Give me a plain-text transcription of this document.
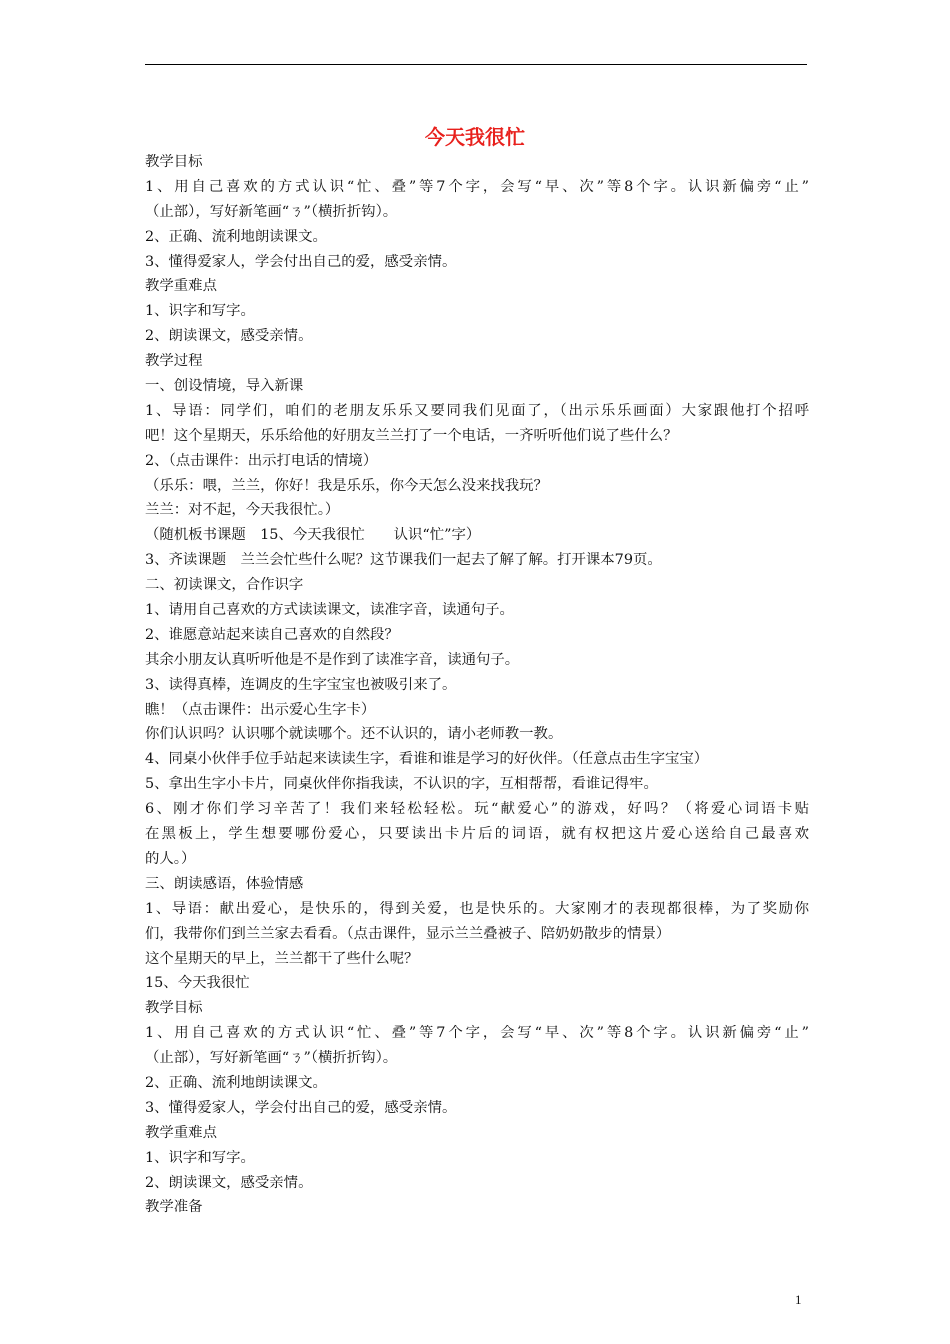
今天我很忙
教学目标
1、用自己喜欢的方式认识“忙、叠”等7个字，会写“早、次”等8个字。认识新偏旁“止”
（止部），写好新笔画“ㄋ”（横折折钩）。
2、正确、流利地朗读课文。
3、懂得爱家人，学会付出自己的爱，感受亲情。
教学重难点
1、识字和写字。
2、朗读课文，感受亲情。
教学过程
一、创设情境，导入新课
1、导语：同学们，咱们的老朋友乐乐又要同我们见面了，（出示乐乐画面）大家跟他打个招呼
吧！这个星期天，乐乐给他的好朋友兰兰打了一个电话，一齐听听他们说了些什么？
2、（点击课件：出示打电话的情境）
（乐乐：喂，兰兰，你好！我是乐乐，你今天怎么没来找我玩？
兰兰：对不起，今天我很忙。）
（随机板书课题　15、今天我很忙　　认识“忙”字）
3、齐读课题　兰兰会忙些什么呢？这节课我们一起去了解了解。打开课本79页。
二、初读课文，合作识字
1、请用自己喜欢的方式读读课文，读准字音，读通句子。
2、谁愿意站起来读自己喜欢的自然段？
其余小朋友认真听听他是不是作到了读准字音，读通句子。
3、读得真棒，连调皮的生字宝宝也被吸引来了。
瞧！（点击课件：出示爱心生字卡）
你们认识吗？认识哪个就读哪个。还不认识的，请小老师教一教。
4、同桌小伙伴手位手站起来读读生字，看谁和谁是学习的好伙伴。（任意点击生字宝宝）
5、拿出生字小卡片，同桌伙伴你指我读，不认识的字，互相帮帮，看谁记得牢。
6、刚才你们学习辛苦了！我们来轻松轻松。玩“献爱心”的游戏，好吗？（将爱心词语卡贴
在黑板上，学生想要哪份爱心，只要读出卡片后的词语，就有权把这片爱心送给自己最喜欢
的人。）
三、朗读感语，体验情感
1、导语：献出爱心，是快乐的，得到关爱，也是快乐的。大家刚才的表现都很棒，为了奖励你
们，我带你们到兰兰家去看看。（点击课件，显示兰兰叠被子、陪奶奶散步的情景）
这个星期天的早上，兰兰都干了些什么呢？
15、今天我很忙
教学目标
1、用自己喜欢的方式认识“忙、叠”等7个字，会写“早、次”等8个字。认识新偏旁“止”
（止部），写好新笔画“ㄋ”（横折折钩）。
2、正确、流利地朗读课文。
3、懂得爱家人，学会付出自己的爱，感受亲情。
教学重难点
1、识字和写字。
2、朗读课文，感受亲情。
教学准备
1
